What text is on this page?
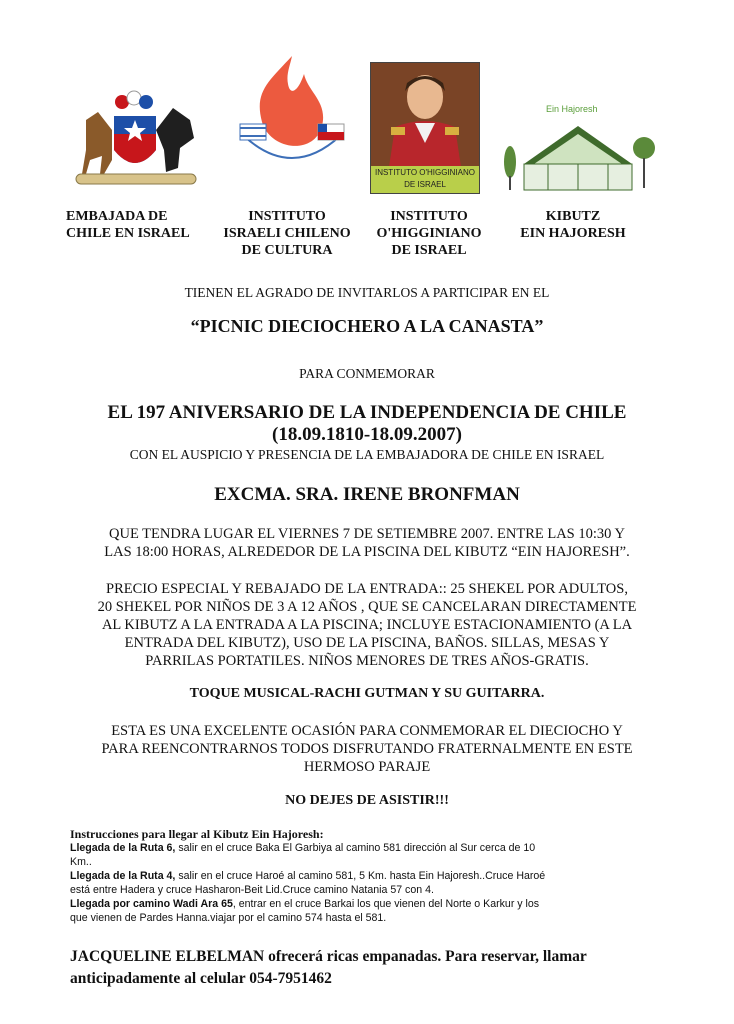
INSTITUTO O'HIGGINIANO
DE ISRAEL
Ein Hajoresh
EMBAJADA DE
CHILE EN ISRAEL
INSTITUTO
ISRAELI CHILENO
DE CULTURA
INSTITUTO
O'HIGGINIANO
DE ISRAEL
KIBUTZ
EIN HAJORESH
TIENEN EL AGRADO DE INVITARLOS A PARTICIPAR EN EL
“PICNIC DIECIOCHERO A LA CANASTA”
PARA CONMEMORAR
EL 197 ANIVERSARIO DE LA INDEPENDENCIA DE CHILE
(18.09.1810-18.09.2007)
CON EL AUSPICIO Y PRESENCIA DE LA EMBAJADORA DE CHILE EN ISRAEL
EXCMA. SRA. IRENE BRONFMAN
QUE TENDRA LUGAR EL VIERNES 7 DE SETIEMBRE 2007. ENTRE LAS 10:30 Y
LAS 18:00 HORAS, ALREDEDOR DE LA PISCINA DEL KIBUTZ “EIN HAJORESH”.
PRECIO ESPECIAL Y REBAJADO DE LA ENTRADA:: 25 SHEKEL POR ADULTOS,
20 SHEKEL POR NIÑOS DE 3 A 12 AÑOS , QUE SE CANCELARAN DIRECTAMENTE
AL KIBUTZ A LA ENTRADA A LA PISCINA; INCLUYE ESTACIONAMIENTO (A LA
ENTRADA DEL KIBUTZ), USO DE LA PISCINA, BAÑOS. SILLAS, MESAS Y
PARRILAS PORTATILES. NIÑOS MENORES DE TRES AÑOS-GRATIS.
TOQUE MUSICAL-RACHI GUTMAN Y SU GUITARRA.
ESTA ES UNA EXCELENTE OCASIÓN PARA CONMEMORAR EL DIECIOCHO Y
PARA REENCONTRARNOS TODOS DISFRUTANDO FRATERNALMENTE EN ESTE
HERMOSO PARAJE
NO DEJES DE ASISTIR!!!
Instrucciones para llegar al Kibutz Ein Hajoresh:
Llegada de la Ruta 6, salir en el cruce Baka El Garbiya al camino 581 dirección al Sur cerca de 10
Km..
Llegada de la Ruta 4, salir en el cruce Haroé al camino 581, 5 Km. hasta Ein Hajoresh..Cruce Haroé
está entre Hadera y cruce Hasharon-Beit Lid.Cruce camino Natania 57 con 4.
Llegada por camino Wadi Ara 65, entrar en el cruce Barkai los que vienen del Norte o Karkur y los
que vienen de Pardes Hanna.viajar por el camino 574 hasta el 581.
JACQUELINE ELBELMAN ofrecerá ricas empanadas. Para reservar, llamar
anticipadamente al celular 054-7951462
